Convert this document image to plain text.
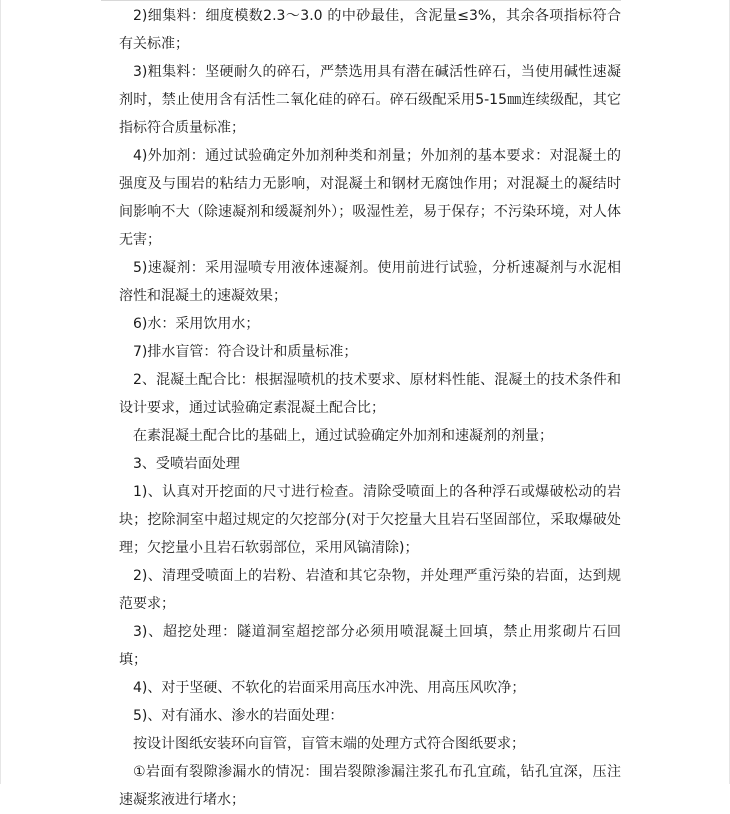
2)细集料：细度模数2.3～3.0 的中砂最佳，含泥量≤3%，其余各项指标符合有关标准；

3)粗集料：坚硬耐久的碎石，严禁选用具有潜在碱活性碎石，当使用碱性速凝剂时，禁止使用含有活性二氧化硅的碎石。碎石级配采用5-15㎜连续级配，其它指标符合质量标准；

4)外加剂：通过试验确定外加剂种类和剂量；外加剂的基本要求：对混凝土的强度及与围岩的粘结力无影响，对混凝土和钢材无腐蚀作用；对混凝土的凝结时间影响不大（除速凝剂和缓凝剂外）；吸湿性差，易于保存；不污染环境，对人体无害；

5)速凝剂：采用湿喷专用液体速凝剂。使用前进行试验，分析速凝剂与水泥相溶性和混凝土的速凝效果；

6)水：采用饮用水；

7)排水盲管：符合设计和质量标准；

2、混凝土配合比：根据湿喷机的技术要求、原材料性能、混凝土的技术条件和设计要求，通过试验确定素混凝土配合比；

在素混凝土配合比的基础上，通过试验确定外加剂和速凝剂的剂量；

3、受喷岩面处理

1)、认真对开挖面的尺寸进行检查。清除受喷面上的各种浮石或爆破松动的岩块；挖除洞室中超过规定的欠挖部分(对于欠挖量大且岩石坚固部位，采取爆破处理；欠挖量小且岩石软弱部位，采用风镐清除)；

2)、清理受喷面上的岩粉、岩渣和其它杂物，并处理严重污染的岩面，达到规范要求；

3)、超挖处理：隧道洞室超挖部分必须用喷混凝土回填，禁止用浆砌片石回填；

4)、对于坚硬、不软化的岩面采用高压水冲洗、用高压风吹净；

5)、对有涌水、渗水的岩面处理：

按设计图纸安装环向盲管，盲管末端的处理方式符合图纸要求；

①岩面有裂隙渗漏水的情况：围岩裂隙渗漏注浆孔布孔宜疏，钻孔宜深，压注速凝浆液进行堵水；
